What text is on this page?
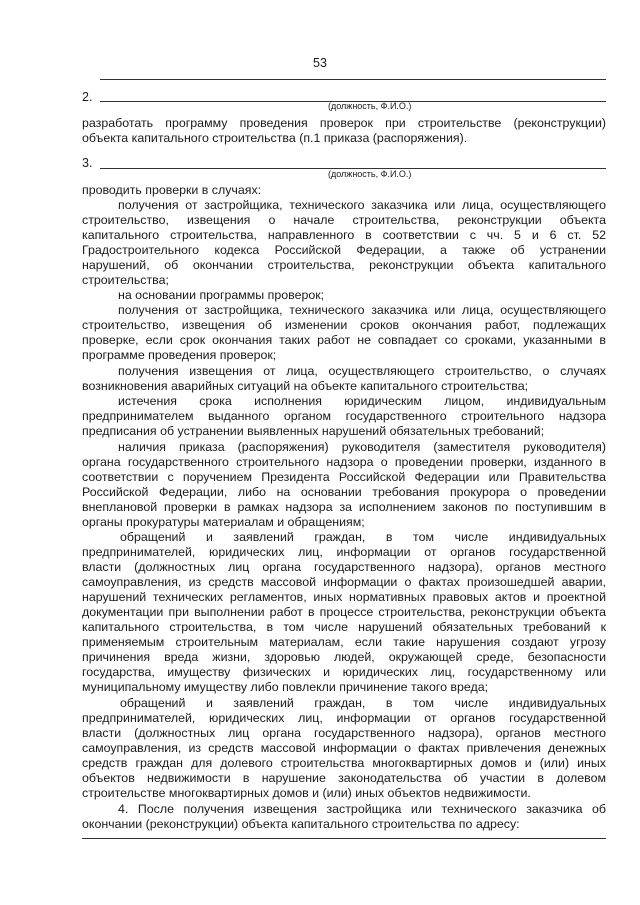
53
2.
(должность, Ф.И.О.)
разработать программу проведения проверок при строительстве (реконструкции)
объекта капитального строительства (п.1 приказа (распоряжения).
3.
(должность, Ф.И.О.)
проводить проверки в случаях:
получения от застройщика, технического заказчика или лица, осуществляющего
строительство, извещения о начале строительства, реконструкции объекта
капитального строительства, направленного в соответствии с чч. 5 и 6 ст. 52
Градостроительного кодекса Российской Федерации, а также об устранении
нарушений, об окончании строительства, реконструкции объекта капитального
строительства;
на основании программы проверок;
получения от застройщика, технического заказчика или лица, осуществляющего
строительство, извещения об изменении сроков окончания работ, подлежащих
проверке, если срок окончания таких работ не совпадает со сроками, указанными в
программе проведения проверок;
получения извещения от лица, осуществляющего строительство, о случаях
возникновения аварийных ситуаций на объекте капитального строительства;
истечения срока исполнения юридическим лицом, индивидуальным
предпринимателем выданного органом государственного строительного надзора
предписания об устранении выявленных нарушений обязательных требований;
наличия приказа (распоряжения) руководителя (заместителя руководителя)
органа государственного строительного надзора о проведении проверки, изданного в
соответствии с поручением Президента Российской Федерации или Правительства
Российской Федерации, либо на основании требования прокурора о проведении
внеплановой проверки в рамках надзора за исполнением законов по поступившим в
органы прокуратуры материалам и обращениям;
обращений и заявлений граждан, в том числе индивидуальных
предпринимателей, юридических лиц, информации от органов государственной
власти (должностных лиц органа государственного надзора), органов местного
самоуправления, из средств массовой информации о фактах произошедшей аварии,
нарушений технических регламентов, иных нормативных правовых актов и проектной
документации при выполнении работ в процессе строительства, реконструкции объекта
капитального строительства, в том числе нарушений обязательных требований к
применяемым строительным материалам, если такие нарушения создают угрозу
причинения вреда жизни, здоровью людей, окружающей среде, безопасности
государства, имуществу физических и юридических лиц, государственному или
муниципальному имуществу либо повлекли причинение такого вреда;
обращений и заявлений граждан, в том числе индивидуальных
предпринимателей, юридических лиц, информации от органов государственной
власти (должностных лиц органа государственного надзора), органов местного
самоуправления, из средств массовой информации о фактах привлечения денежных
средств граждан для долевого строительства многоквартирных домов и (или) иных
объектов недвижимости в нарушение законодательства об участии в долевом
строительстве многоквартирных домов и (или) иных объектов недвижимости.
4. После получения извещения застройщика или технического заказчика об
окончании (реконструкции) объекта капитального строительства по адресу:
